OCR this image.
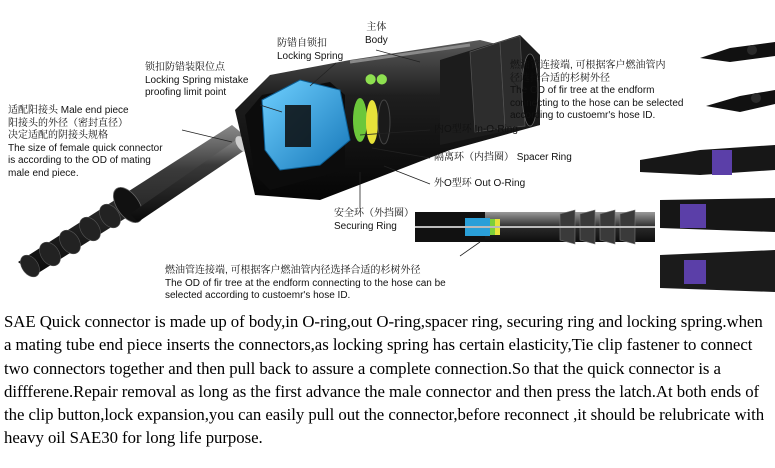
⬤⬤
主体
Body
防错自锁扣
Locking Spring
锁扣防错装限位点
Locking Spring mistake
proofing limit point
适配阳接头 Male end piece
阳接头的外径（密封直径）
决定适配的阴接头规格
The size of female quick connector
is according to the OD of mating
male end piece.
燃油管连接端, 可根据客户燃油管内
径选择合适的杉树外径
The OD of fir tree at the endform
connecting to the hose can be selected
according to custoemr's hose ID.
内O型环 In-O-Ring
隔离环（内挡圈） Spacer Ring
外O型环 Out O-Ring
安全环（外挡圈）
Securing Ring
燃油管连接端, 可根据客户燃油管内径选择合适的杉树外径
The OD of fir tree at the endform connecting to the hose can be
selected according to custoemr's hose ID.

SAE Quick connector is made up of body,in O-ring,out O-ring,spacer ring, securing ring and locking spring.when a mating tube end piece inserts the connectors,as locking spring has certain elasticity,Tie clip fastener to connect two connectors together and then pull back to assure a complete connection.So that the quick connector is a diffferene.Repair removal as long as the first advance the male connector and then press the latch.At both ends of the clip button,lock expansion,you can easily pull out the connector,before reconnect ,it should be relubricate with heavy oil SAE30 for long life purpose.
